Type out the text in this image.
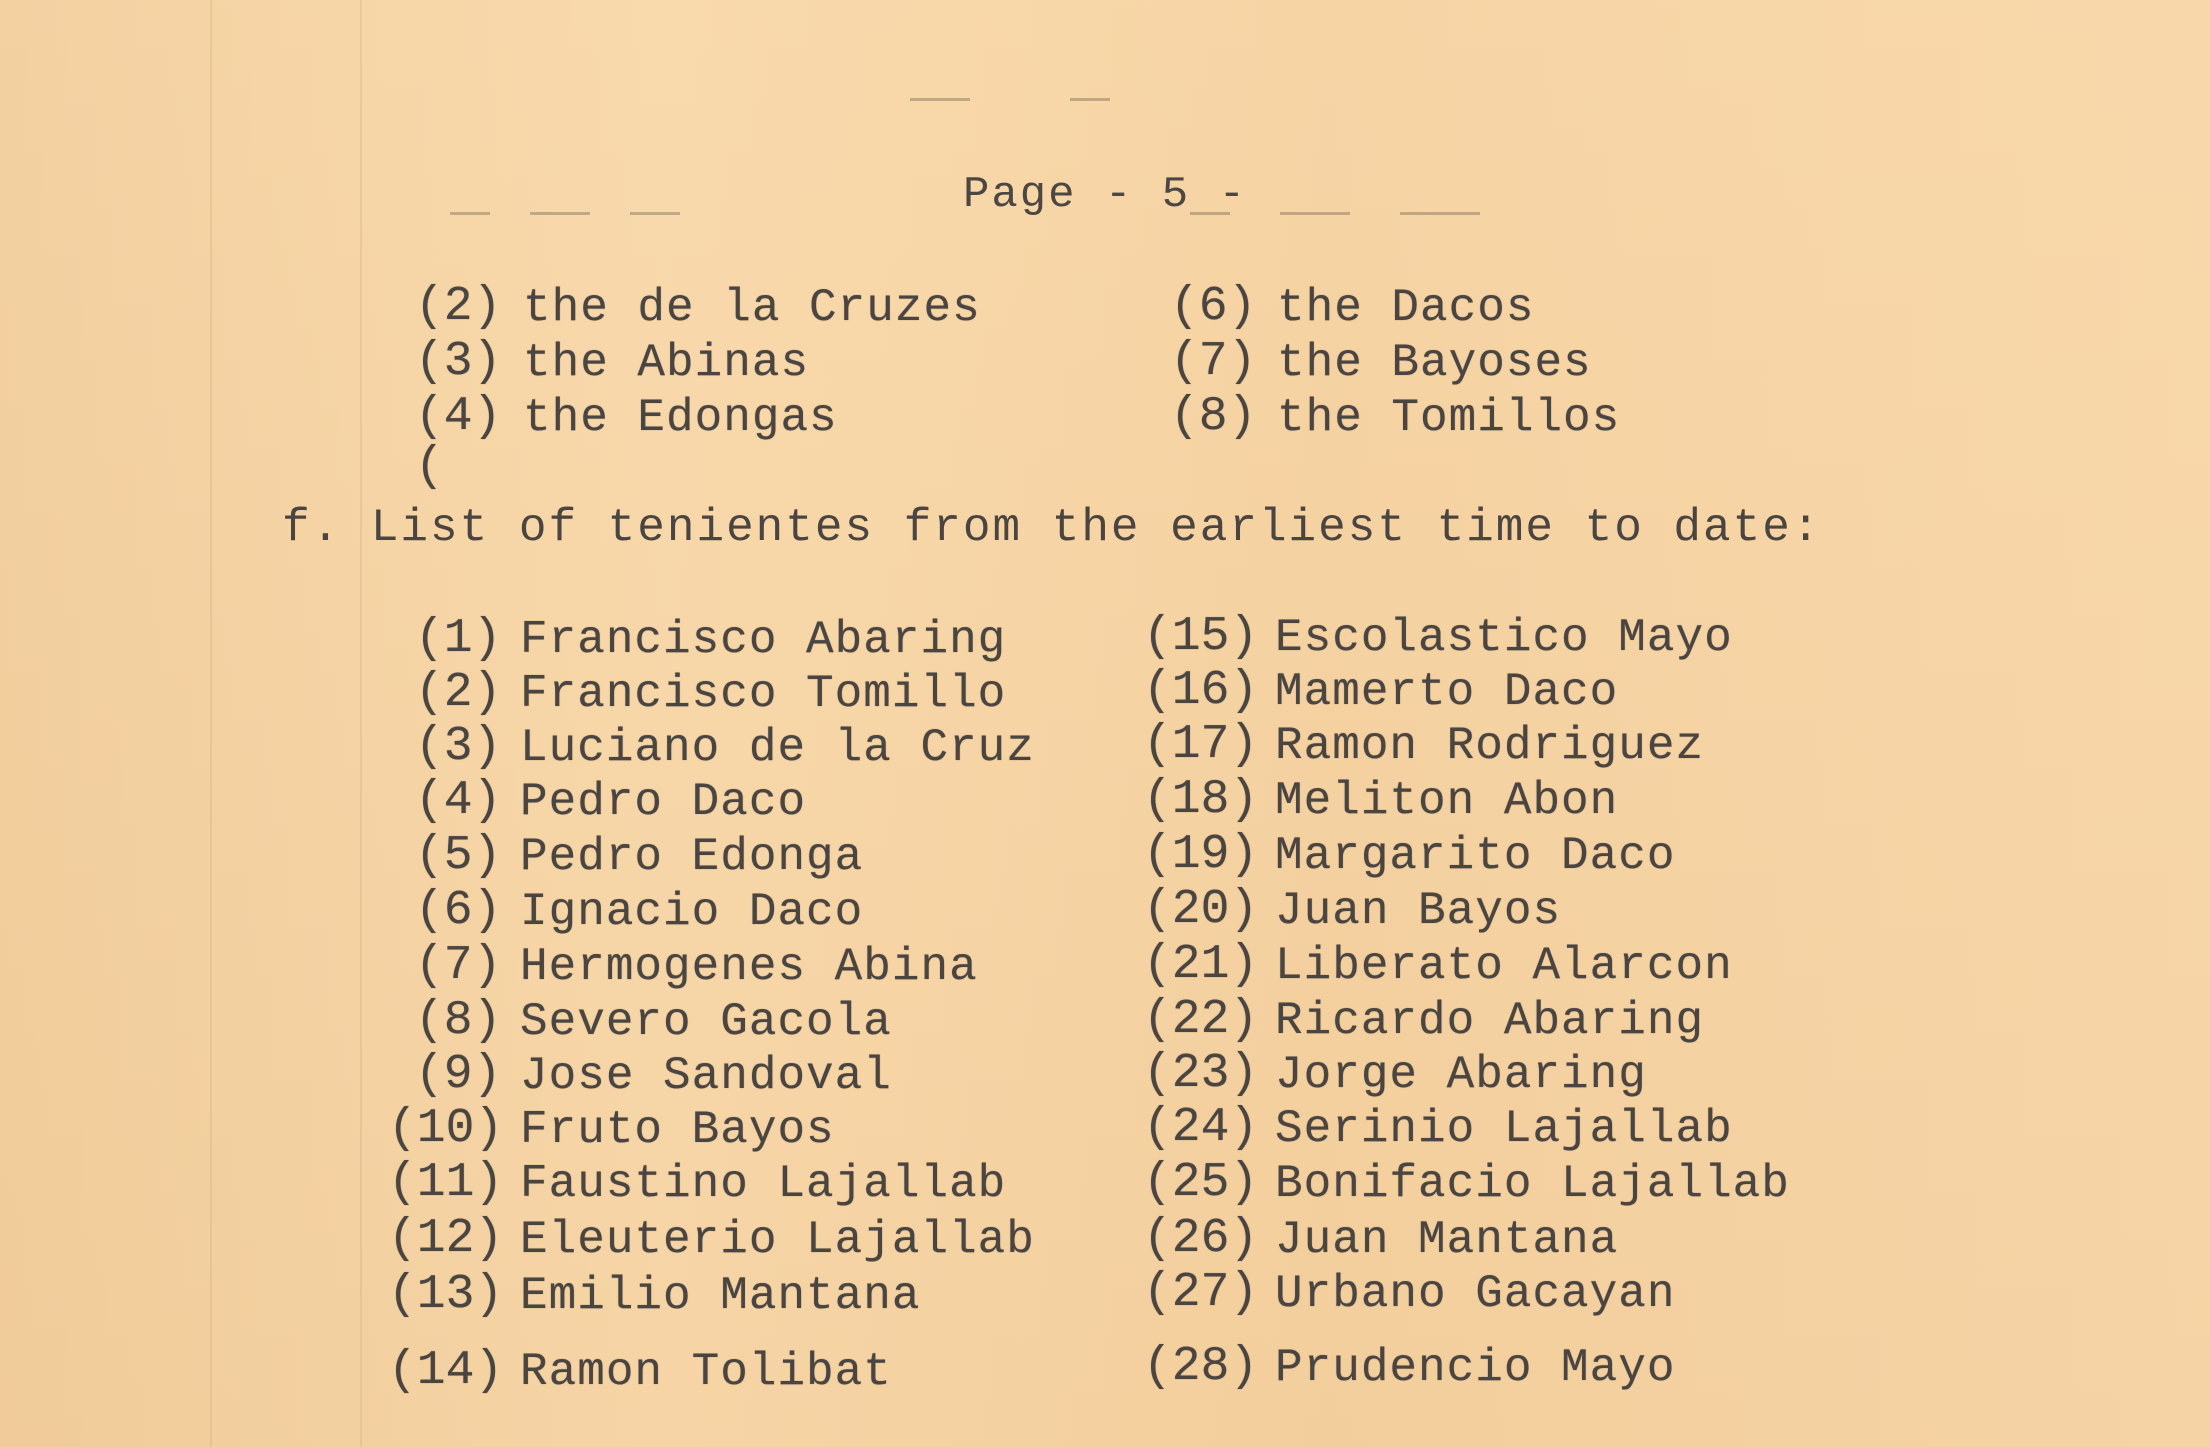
Page - 5 -
(2) the de la Cruzes
(3) the Abinas
(4) the Edongas
(
(6) the Dacos
(7) the Bayoses
(8) the Tomillos
f. List of tenientes from the earliest time to date:
(1) Francisco Abaring
(2) Francisco Tomillo
(3) Luciano de la Cruz
(4) Pedro Daco
(5) Pedro Edonga
(6) Ignacio Daco
(7) Hermogenes Abina
(8) Severo Gacola
(9) Jose Sandoval
(10) Fruto Bayos
(11) Faustino Lajallab
(12) Eleuterio Lajallab
(13) Emilio Mantana
(14) Ramon Tolibat
(15) Escolastico Mayo
(16) Mamerto Daco
(17) Ramon Rodriguez
(18) Meliton Abon
(19) Margarito Daco
(20) Juan Bayos
(21) Liberato Alarcon
(22) Ricardo Abaring
(23) Jorge Abaring
(24) Serinio Lajallab
(25) Bonifacio Lajallab
(26) Juan Mantana
(27) Urbano Gacayan
(28) Prudencio Mayo
